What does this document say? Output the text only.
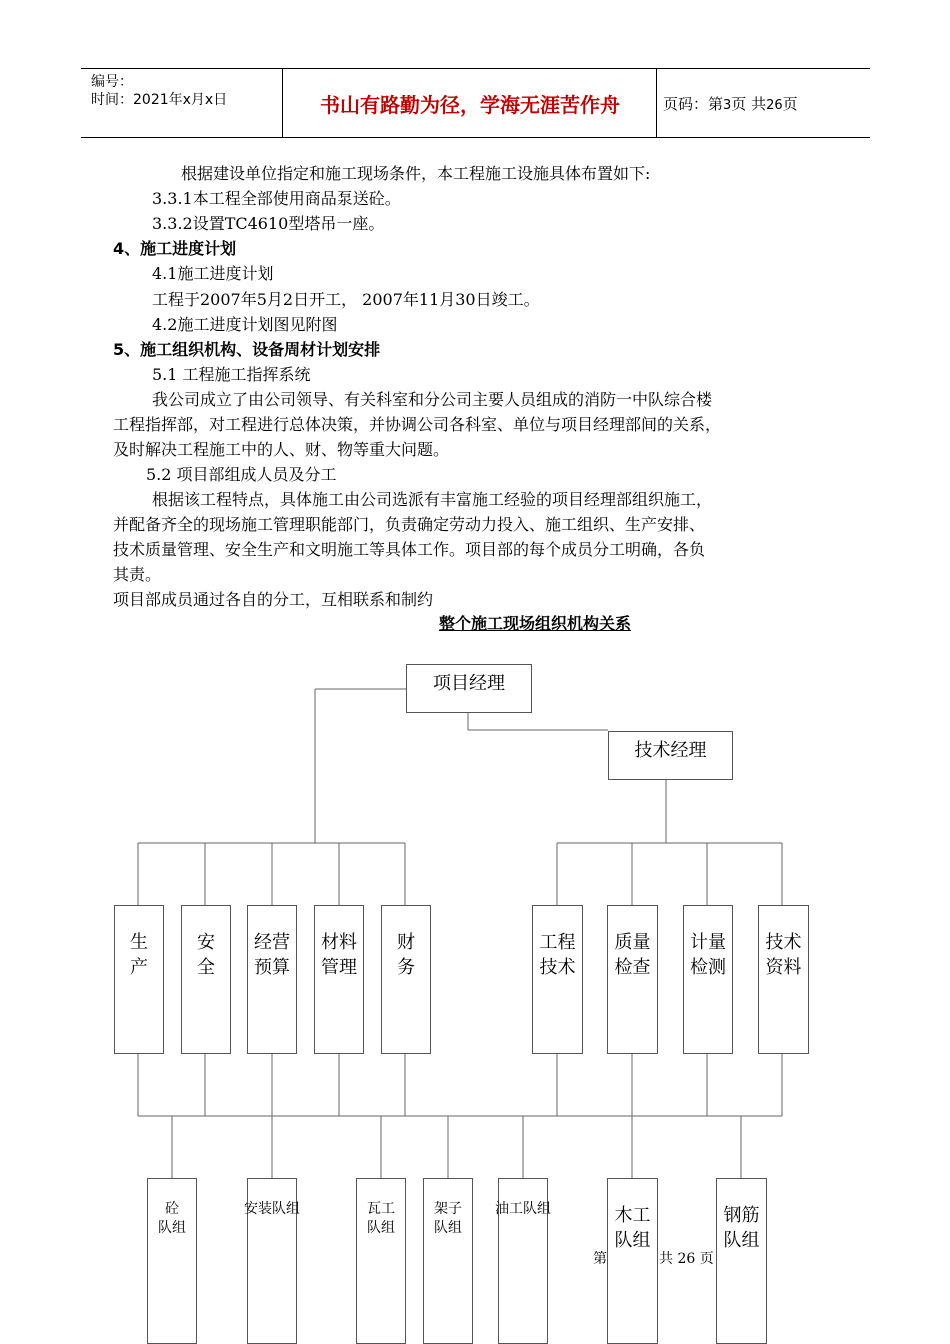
编号：
时间：2021年x月x日	书山有路勤为径，学海无涯苦作舟	页码：第3页 共26页
根据建设单位指定和施工现场条件，本工程施工设施具体布置如下:
3.3.1本工程全部使用商品泵送砼。
3.3.2设置TC4610型塔吊一座。
4、施工进度计划
4.1施工进度计划
工程于2007年5月2日开工， 2007年11月30日竣工。
4.2施工进度计划图见附图
5、施工组织机构、设备周材计划安排
5.1 工程施工指挥系统
我公司成立了由公司领导、有关科室和分公司主要人员组成的消防一中队综合楼
工程指挥部，对工程进行总体决策，并协调公司各科室、单位与项目经理部间的关系，
及时解决工程施工中的人、财、物等重大问题。
5.2 项目部组成人员及分工
根据该工程特点，具体施工由公司选派有丰富施工经验的项目经理部组织施工，
并配备齐全的现场施工管理职能部门，负责确定劳动力投入、施工组织、生产安排、
技术质量管理、安全生产和文明施工等具体工作。项目部的每个成员分工明确，各负
其责。
项目部成员通过各自的分工，互相联系和制约
整个施工现场组织机构关系
项目经理
技术经理
生
产
安
全
经营
预算
材料
管理
财
务
工程
技术
质量
检查
计量
检测
技术
资料
砼
队组
安装队组	瓦工
队组
架子
队组
油工队组	木工
队组
钢筋
队组
第	共 26 页
